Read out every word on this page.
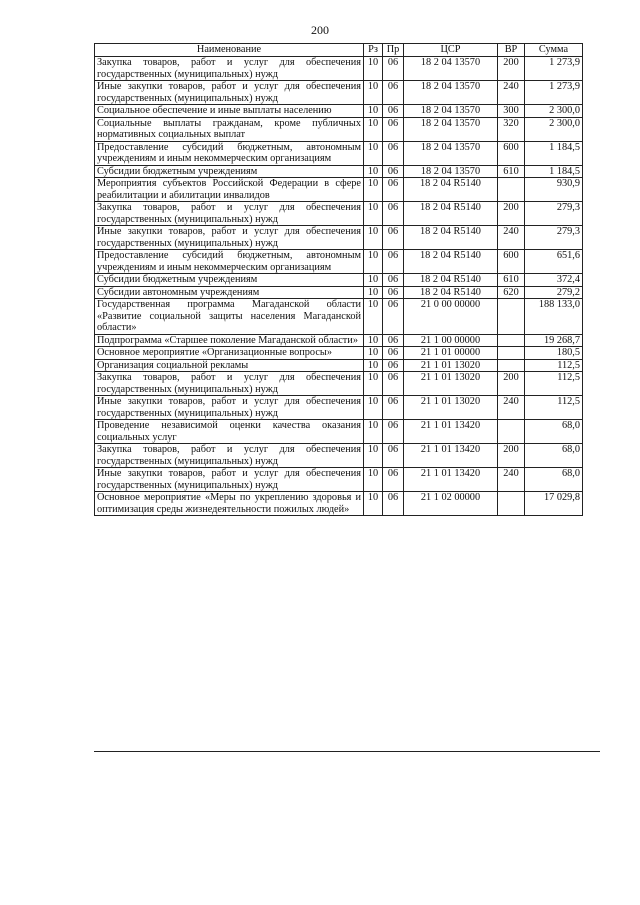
200
Наименование	Рз	Пр	ЦСР	ВР	Сумма
Закупка товаров, работ и услуг для обеспечения государственных (муниципальных) нужд	10	06	18 2 04 13570	200	1 273,9
Иные закупки товаров, работ и услуг для обеспечения государственных (муниципальных) нужд	10	06	18 2 04 13570	240	1 273,9
Социальное обеспечение и иные выплаты населению	10	06	18 2 04 13570	300	2 300,0
Социальные выплаты гражданам, кроме публичных нормативных социальных выплат	10	06	18 2 04 13570	320	2 300,0
Предоставление субсидий бюджетным, автономным учреждениям и иным некоммерческим организациям	10	06	18 2 04 13570	600	1 184,5
Субсидии бюджетным учреждениям	10	06	18 2 04 13570	610	1 184,5
Мероприятия субъектов Российской Федерации в сфере реабилитации и абилитации инвалидов	10	06	18 2 04 R5140		930,9
Закупка товаров, работ и услуг для обеспечения государственных (муниципальных) нужд	10	06	18 2 04 R5140	200	279,3
Иные закупки товаров, работ и услуг для обеспечения государственных (муниципальных) нужд	10	06	18 2 04 R5140	240	279,3
Предоставление субсидий бюджетным, автономным учреждениям и иным некоммерческим организациям	10	06	18 2 04 R5140	600	651,6
Субсидии бюджетным учреждениям	10	06	18 2 04 R5140	610	372,4
Субсидии автономным учреждениям	10	06	18 2 04 R5140	620	279,2
Государственная программа Магаданской области «Развитие социальной защиты населения Магаданской области»	10	06	21 0 00 00000		188 133,0
Подпрограмма «Старшее поколение Магаданской области»	10	06	21 1 00 00000		19 268,7
Основное мероприятие «Организационные вопросы»	10	06	21 1 01 00000		180,5
Организация социальной рекламы	10	06	21 1 01 13020		112,5
Закупка товаров, работ и услуг для обеспечения государственных (муниципальных) нужд	10	06	21 1 01 13020	200	112,5
Иные закупки товаров, работ и услуг для обеспечения государственных (муниципальных) нужд	10	06	21 1 01 13020	240	112,5
Проведение независимой оценки качества оказания социальных услуг	10	06	21 1 01 13420		68,0
Закупка товаров, работ и услуг для обеспечения государственных (муниципальных) нужд	10	06	21 1 01 13420	200	68,0
Иные закупки товаров, работ и услуг для обеспечения государственных (муниципальных) нужд	10	06	21 1 01 13420	240	68,0
Основное мероприятие «Меры по укреплению здоровья и оптимизация среды жизнедеятельности пожилых людей»	10	06	21 1 02 00000		17 029,8
